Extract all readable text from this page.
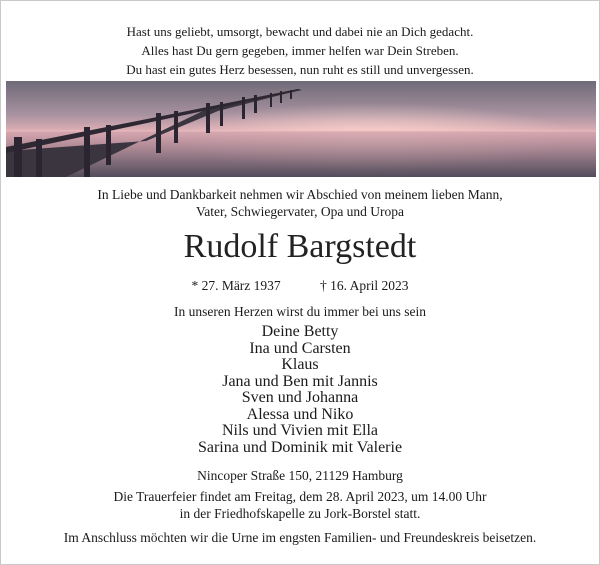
Hast uns geliebt, umsorgt, bewacht und dabei nie an Dich gedacht.
Alles hast Du gern gegeben, immer helfen war Dein Streben.
Du hast ein gutes Herz besessen, nun ruht es still und unvergessen.
In Liebe und Dankbarkeit nehmen wir Abschied von meinem lieben Mann,
Vater, Schwiegervater, Opa und Uropa
Rudolf Bargstedt
* 27. März 1937	† 16. April 2023
In unseren Herzen wirst du immer bei uns sein
Deine Betty
Ina und Carsten
Klaus
Jana und Ben mit Jannis
Sven und Johanna
Alessa und Niko
Nils und Vivien mit Ella
Sarina und Dominik mit Valerie
Nincoper Straße 150, 21129 Hamburg
Die Trauerfeier findet am Freitag, dem 28. April 2023, um 14.00 Uhr
in der Friedhofskapelle zu Jork-Borstel statt.
Im Anschluss möchten wir die Urne im engsten Familien- und Freundeskreis beisetzen.
